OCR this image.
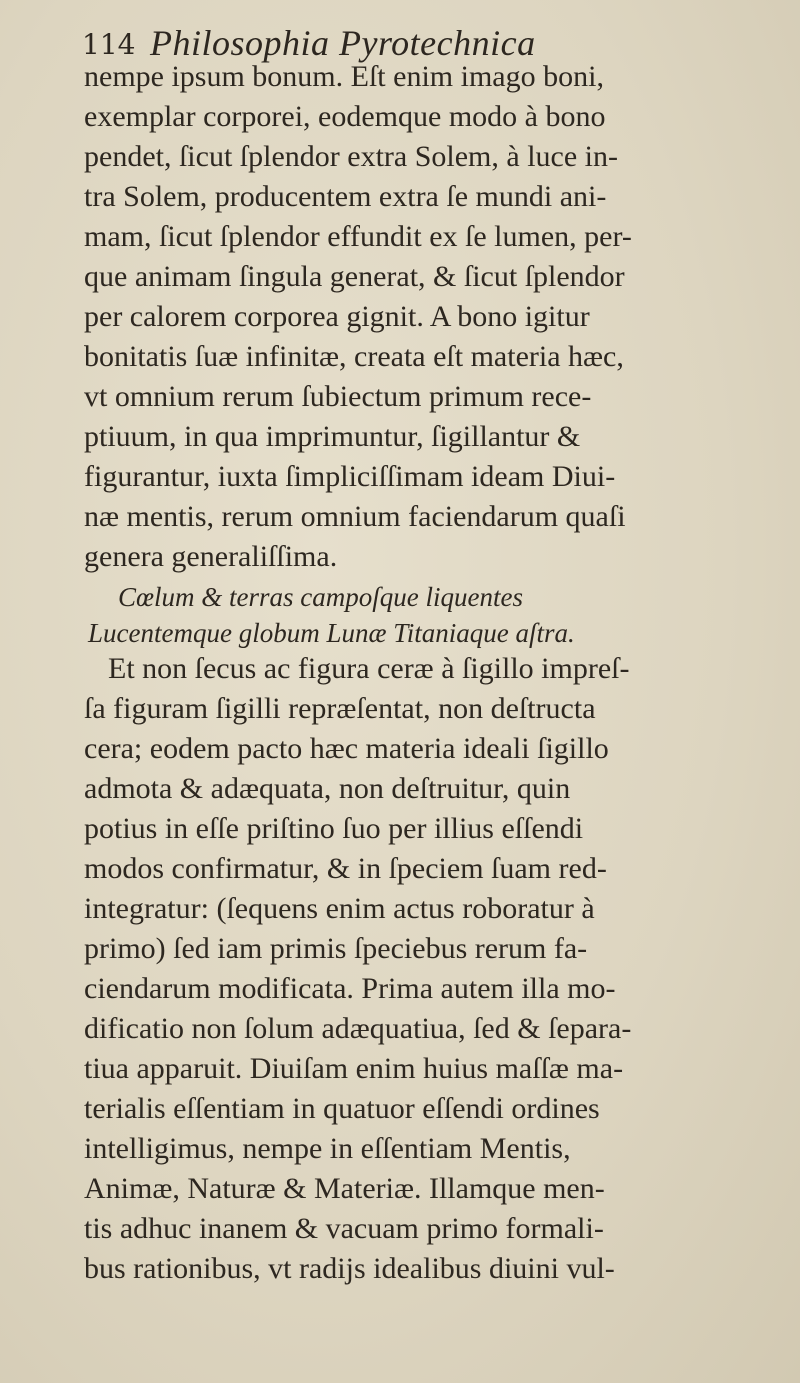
114 Philosophia Pyrotechnica
nempe ipsum bonum. Eſt enim imago boni,
exemplar corporei, eodemque modo à bono
pendet, ſicut ſplendor extra Solem, à luce in-
tra Solem, producentem extra ſe mundi ani-
mam, ſicut ſplendor effundit ex ſe lumen, per-
que animam ſingula generat, & ſicut ſplendor
per calorem corporea gignit. A bono igitur
bonitatis ſuæ infinitæ, creata eſt materia hæc,
vt omnium rerum ſubiectum primum rece-
ptiuum, in qua imprimuntur, ſigillantur &
figurantur, iuxta ſimpliciſſimam ideam Diui-
næ mentis, rerum omnium faciendarum quaſi
genera generaliſſima.
Cœlum & terras campoſque liquentes
Lucentemque globum Lunæ Titaniaque aſtra.
Et non ſecus ac figura ceræ à ſigillo impreſ-
ſa figuram ſigilli repræſentat, non deſtructa
cera; eodem pacto hæc materia ideali ſigillo
admota & adæquata, non deſtruitur, quin
potius in eſſe priſtino ſuo per illius eſſendi
modos confirmatur, & in ſpeciem ſuam red-
integratur: (ſequens enim actus roboratur à
primo) ſed iam primis ſpeciebus rerum fa-
ciendarum modificata. Prima autem illa mo-
dificatio non ſolum adæquatiua, ſed & ſepara-
tiua apparuit. Diuiſam enim huius maſſæ ma-
terialis eſſentiam in quatuor eſſendi ordines
intelligimus, nempe in eſſentiam Mentis,
Animæ, Naturæ & Materiæ. Illamque men-
tis adhuc inanem & vacuam primo formali-
bus rationibus, vt radijs idealibus diuini vul-
